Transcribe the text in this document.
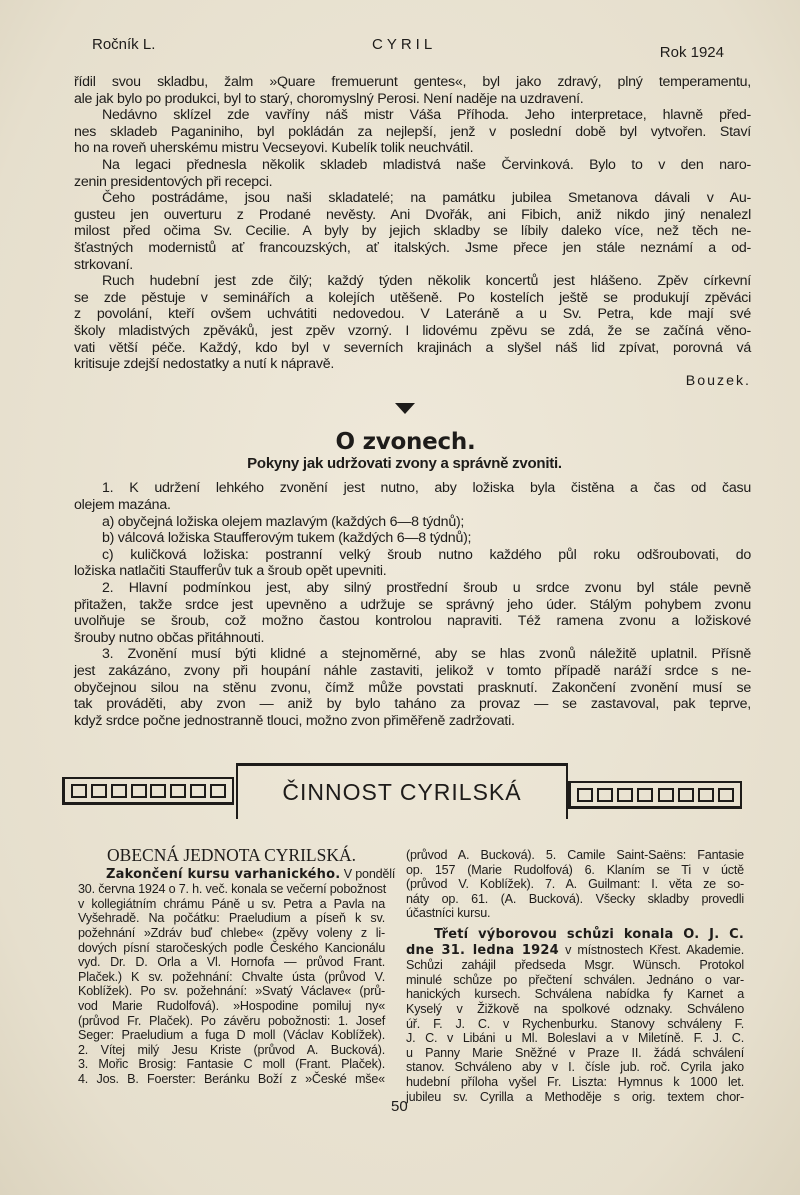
Ročník L.	CYRIL	Rok 1924
řídil svou skladbu, žalm »Quare fremuerunt gentes«, byl jako zdravý, plný temperamentu,
ale jak bylo po produkci, byl to starý, choromyslný Perosi. Není naděje na uzdravení.
Nedávno sklízel zde vavříny náš mistr Váša Příhoda. Jeho interpretace, hlavně před-
nes skladeb Paganiniho, byl pokládán za nejlepší, jenž v poslední době byl vytvořen. Staví
ho na roveň uherskému mistru Vecseyovi. Kubelík tolik neuchvátil.
Na legaci přednesla několik skladeb mladistvá naše Červinková. Bylo to v den naro-
zenin presidentových při recepci.
Čeho postrádáme, jsou naši skladatelé; na památku jubilea Smetanova dávali v Au-
gusteu jen ouverturu z Prodané nevěsty. Ani Dvořák, ani Fibich, aniž nikdo jiný nenalezl
milost před očima Sv. Cecilie. A byly by jejich skladby se líbily daleko více, než těch ne-
šťastných modernistů ať francouzských, ať italských. Jsme přece jen stále neznámí a od-
strkovaní.
Ruch hudební jest zde čilý; každý týden několik koncertů jest hlášeno. Zpěv církevní
se zde pěstuje v seminářích a kolejích utěšeně. Po kostelích ještě se produkují zpěváci
z povolání, kteří ovšem uchvátiti nedovedou. V Lateráně a u Sv. Petra, kde mají své
školy mladistvých zpěváků, jest zpěv vzorný. I lidovému zpěvu se zdá, že se začíná věno-
vati větší péče. Každý, kdo byl v severních krajinách a slyšel náš lid zpívat, porovná vá
kritisuje zdejší nedostatky a nutí k nápravě.
Bouzek.
O zvonech.
Pokyny jak udržovati zvony a správně zvoniti.
1. K udržení lehkého zvonění jest nutno, aby ložiska byla čistěna a čas od času
olejem mazána.
a) obyčejná ložiska olejem mazlavým (každých 6—8 týdnů);
b) válcová ložiska Staufferovým tukem (každých 6—8 týdnů);
c) kuličková ložiska: postranní velký šroub nutno každého půl roku odšroubovati, do
ložiska natlačiti Staufferův tuk a šroub opět upevniti.
2. Hlavní podmínkou jest, aby silný prostřední šroub u srdce zvonu byl stále pevně
přitažen, takže srdce jest upevněno a udržuje se správný jeho úder. Stálým pohybem zvonu
uvolňuje se šroub, což možno častou kontrolou napraviti. Též ramena zvonu a ložiskové
šrouby nutno občas přitáhnouti.
3. Zvonění musí býti klidné a stejnoměrné, aby se hlas zvonů náležitě uplatnil. Přísně
jest zakázáno, zvony při houpání náhle zastaviti, jelikož v tomto případě naráží srdce s ne-
obyčejnou silou na stěnu zvonu, čímž může povstati prasknutí. Zakončení zvonění musí se
tak prováděti, aby zvon — aniž by bylo taháno za provaz — se zastavoval, pak teprve,
když srdce počne jednostranně tlouci, možno zvon přiměřeně zadržovati.
ČINNOST CYRILSKÁ
OBECNÁ JEDNOTA CYRILSKÁ.
Zakončení kursu varhanického. V pondělí
30. června 1924 o 7. h. več. konala se večerní pobožnost
v kollegiátním chrámu Páně u sv. Petra a Pavla na
Vyšehradě. Na počátku: Praeludium a píseň k sv.
požehnání »Zdráv buď chlebe« (zpěvy voleny z li-
dových písní staročeských podle Českého Kancionálu
vyd. Dr. D. Orla a Vl. Hornofa — průvod Frant.
Plaček.) K sv. požehnání: Chvalte ústa (průvod V.
Koblížek). Po sv. požehnání: »Svatý Václave« (prů-
vod Marie Rudolfová). »Hospodine pomiluj ny«
(průvod Fr. Plaček). Po závěru pobožnosti: 1. Josef
Seger: Praeludium a fuga D moll (Václav Koblížek).
2. Vítej milý Jesu Kriste (průvod A. Bucková).
3. Mořic Brosig: Fantasie C moll (Frant. Plaček).
4. Jos. B. Foerster: Beránku Boží z »České mše«
(průvod A. Bucková). 5. Camile Saint-Saëns: Fantasie
op. 157 (Marie Rudolfová) 6. Klaním se Ti v úctě
(průvod V. Koblížek). 7. A. Guilmant: I. věta ze so-
náty op. 61. (A. Bucková). Všecky skladby provedli
účastníci kursu.
Třetí výborovou schůzi konala O. J. C.
dne 31. ledna 1924 v místnostech Křest. Akademie.
Schůzi zahájil předseda Msgr. Wünsch. Protokol
minulé schůze po přečtení schválen. Jednáno o var-
hanických kursech. Schválena nabídka fy Karnet a
Kyselý v Žižkově na spolkové odznaky. Schváleno
úř. F. J. C. v Rychenburku. Stanovy schváleny F.
J. C. v Libáni u Ml. Boleslavi a v Miletíně. F. J. C.
u Panny Marie Sněžné v Praze II. žádá schválení
stanov. Schváleno aby v I. čísle jub. roč. Cyrila jako
hudební příloha vyšel Fr. Liszta: Hymnus k 1000 let.
jubileu sv. Cyrilla a Methoděje s orig. textem chor-
50
